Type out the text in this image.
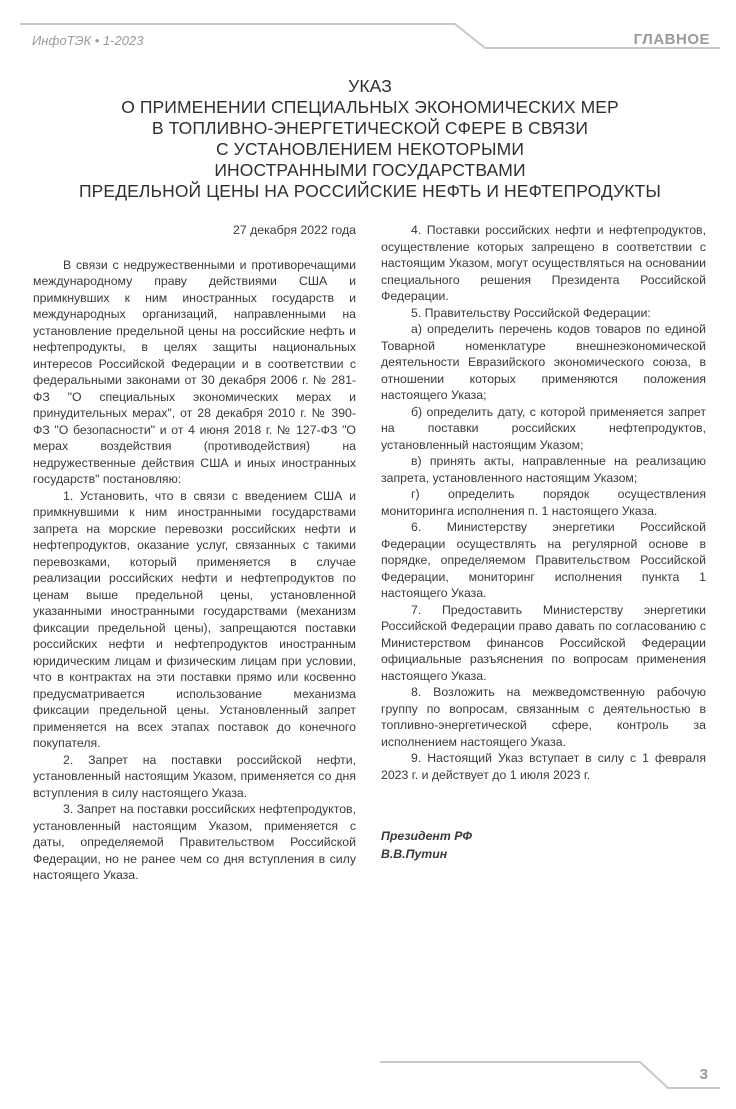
ИнфоТЭК • 1-2023	ГЛАВНОЕ
УКАЗ
О ПРИМЕНЕНИИ СПЕЦИАЛЬНЫХ ЭКОНОМИЧЕСКИХ МЕР
В ТОПЛИВНО-ЭНЕРГЕТИЧЕСКОЙ СФЕРЕ В СВЯЗИ
С УСТАНОВЛЕНИЕМ НЕКОТОРЫМИ
ИНОСТРАННЫМИ ГОСУДАРСТВАМИ
ПРЕДЕЛЬНОЙ ЦЕНЫ НА РОССИЙСКИЕ НЕФТЬ И НЕФТЕПРОДУКТЫ

27 декабря 2022 года

В связи с недружественными и противоречащими международному праву действиями США и примкнувших к ним иностранных государств и международных организаций, направленными на установление предельной цены на российские нефть и нефтепродукты, в целях защиты национальных интересов Российской Федерации и в соответствии с федеральными законами от 30 декабря 2006 г. № 281-ФЗ "О специальных экономических мерах и принудительных мерах", от 28 декабря 2010 г. № 390-ФЗ "О безопасности" и от 4 июня 2018 г. № 127-ФЗ "О мерах воздействия (противодействия) на недружественные действия США и иных иностранных государств" постановляю:

1. Установить, что в связи с введением США и примкнувшими к ним иностранными государствами запрета на морские перевозки российских нефти и нефтепродуктов, оказание услуг, связанных с такими перевозками, который применяется в случае реализации российских нефти и нефтепродуктов по ценам выше предельной цены, установленной указанными иностранными государствами (механизм фиксации предельной цены), запрещаются поставки российских нефти и нефтепродуктов иностранным юридическим лицам и физическим лицам при условии, что в контрактах на эти поставки прямо или косвенно предусматривается использование механизма фиксации предельной цены. Установленный запрет применяется на всех этапах поставок до конечного покупателя.

2. Запрет на поставки российской нефти, установленный настоящим Указом, применяется со дня вступления в силу настоящего Указа.

3. Запрет на поставки российских нефтепродуктов, установленный настоящим Указом, применяется с даты, определяемой Правительством Российской Федерации, но не ранее чем со дня вступления в силу настоящего Указа.

4. Поставки российских нефти и нефтепродуктов, осуществление которых запрещено в соответствии с настоящим Указом, могут осуществляться на основании специального решения Президента Российской Федерации.

5. Правительству Российской Федерации:

а) определить перечень кодов товаров по единой Товарной номенклатуре внешнеэкономической деятельности Евразийского экономического союза, в отношении которых применяются положения настоящего Указа;

б) определить дату, с которой применяется запрет на поставки российских нефтепродуктов, установленный настоящим Указом;

в) принять акты, направленные на реализацию запрета, установленного настоящим Указом;

г) определить порядок осуществления мониторинга исполнения п. 1 настоящего Указа.

6. Министерству энергетики Российской Федерации осуществлять на регулярной основе в порядке, определяемом Правительством Российской Федерации, мониторинг исполнения пункта 1 настоящего Указа.

7. Предоставить Министерству энергетики Российской Федерации право давать по согласованию с Министерством финансов Российской Федерации официальные разъяснения по вопросам применения настоящего Указа.

8. Возложить на межведомственную рабочую группу по вопросам, связанным с деятельностью в топливно-энергетической сфере, контроль за исполнением настоящего Указа.

9. Настоящий Указ вступает в силу с 1 февраля 2023 г. и действует до 1 июля 2023 г.

Президент РФ
В.В.Путин

3
